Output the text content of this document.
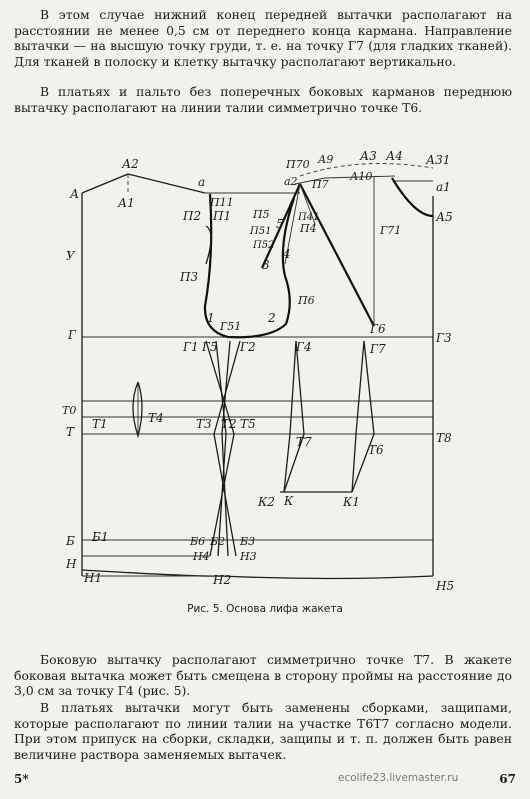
В этом случае нижний конец передней вытачки располагают на расстоянии не менее 0,5 см от переднего конца кармана. Направление вытачки — на высшую точку груди, т. е. на точку Г7 (для гладких тканей). Для тканей в полоску и клетку вытачку располагают вертикально.

В платьях и пальто без поперечных боковых карманов переднюю вытачку располагают на линии талии симметрично точке Т6.

А
А2
А1
а
П11
П1
П2
П3
У
Г
1
Г51
2
Г1 Г5 Г2	Г4
Г6
Г7
Г3
Г71
Т0
Т
Т1	Т4	Т3 Т2 Т5
Т7
Т6
Т8
К2 К	К1
Б Б1	Б6 Б2 Б3
Н
Н1
Н4	Н3
Н2	Н5
П70 А9 А3 А4 А31
А10
а1
А5
а2 П7
П5	П41
П4
П51
П52
5
4
3
П6
Рис. 5. Основа лифа жакета

Боковую вытачку располагают симметрично точке Т7. В жакете боковая вытачка может быть смещена в сторону проймы на расстояние до 3,0 см за точку Г4 (рис. 5).

В платьях вытачки могут быть заменены сборками, защипами, которые располагают по линии талии на участке Т6Т7 согласно модели. При этом припуск на сборки, складки, защипы и т. п. должен быть равен величине раствора заменяемых вытачек.

5*	ecolife23.livemaster.ru	67
